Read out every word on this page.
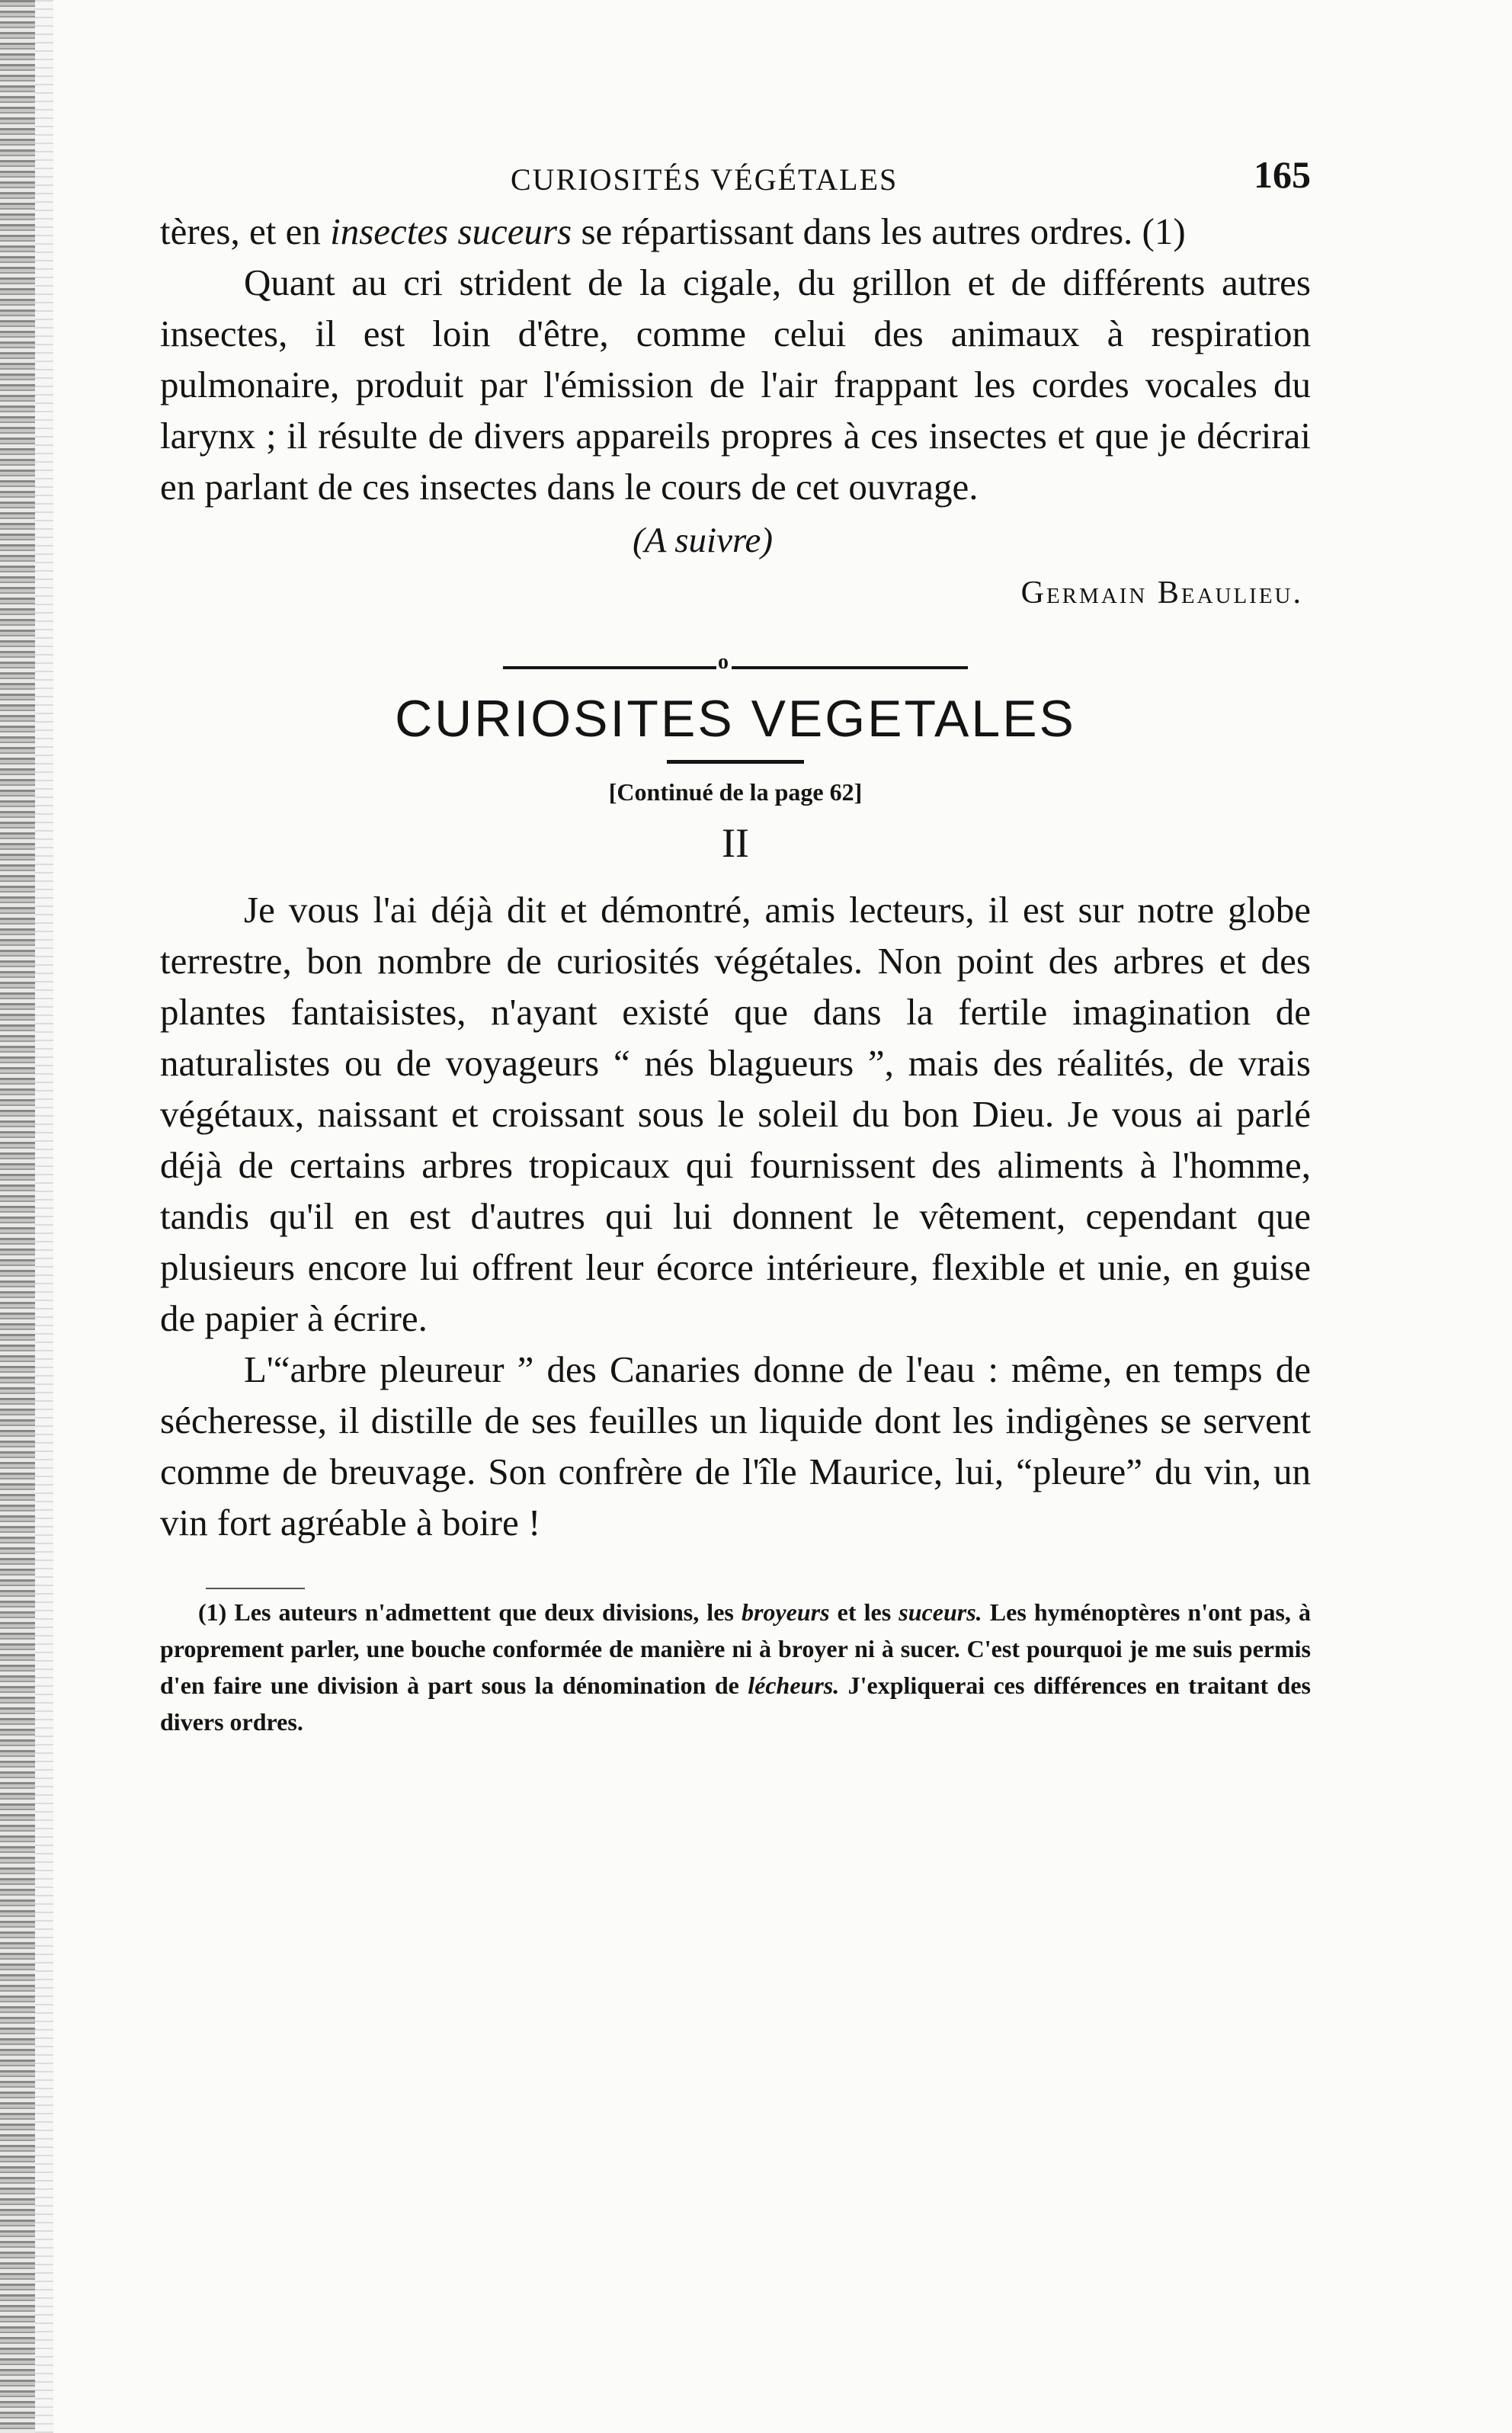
CURIOSITÉS VÉGÉTALES	165

tères, et en insectes suceurs se répartissant dans les autres ordres. (1)

Quant au cri strident de la cigale, du grillon et de différents autres insectes, il est loin d'être, comme celui des animaux à respiration pulmonaire, produit par l'émission de l'air frappant les cordes vocales du larynx ; il résulte de divers appareils propres à ces insectes et que je décrirai en parlant de ces insectes dans le cours de cet ouvrage.

(A suivre)
Germain Beaulieu.
o
CURIOSITES VEGETALES
[Continué de la page 62]
II

Je vous l'ai déjà dit et démontré, amis lecteurs, il est sur notre globe terrestre, bon nombre de curiosités végétales. Non point des arbres et des plantes fantaisistes, n'ayant existé que dans la fertile imagination de naturalistes ou de voyageurs “ nés blagueurs ”, mais des réalités, de vrais végétaux, naissant et croissant sous le soleil du bon Dieu. Je vous ai parlé déjà de certains arbres tropicaux qui fournissent des aliments à l'homme, tandis qu'il en est d'autres qui lui donnent le vêtement, cependant que plusieurs encore lui offrent leur écorce intérieure, flexible et unie, en guise de papier à écrire.

L'“arbre pleureur ” des Canaries donne de l'eau : même, en temps de sécheresse, il distille de ses feuilles un liquide dont les indigènes se servent comme de breuvage. Son confrère de l'île Maurice, lui, “pleure” du vin, un vin fort agréable à boire !

(1) Les auteurs n'admettent que deux divisions, les broyeurs et les suceurs. Les hyménoptères n'ont pas, à proprement parler, une bouche conformée de manière ni à broyer ni à sucer. C'est pourquoi je me suis permis d'en faire une division à part sous la dénomination de lécheurs. J'expliquerai ces différences en traitant des divers ordres.
